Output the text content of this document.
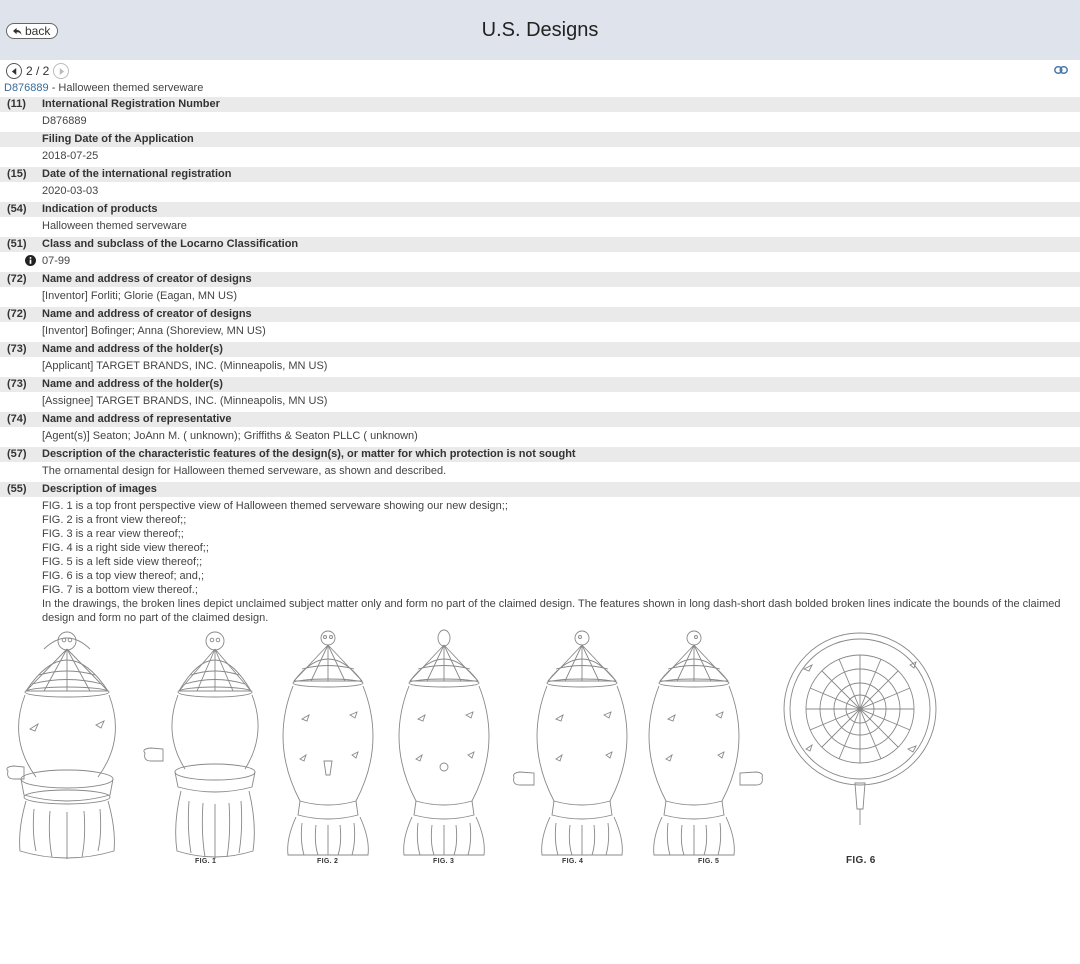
back	U.S. Designs
2 / 2
D876889 - Halloween themed serveware
(11)	International Registration Number
D876889
Filing Date of the Application
2018-07-25
(15)	Date of the international registration
2020-03-03
(54)	Indication of products
Halloween themed serveware
(51)	Class and subclass of the Locarno Classification
07-99
(72)	Name and address of creator of designs
[Inventor] Forliti; Glorie (Eagan, MN US)
(72)	Name and address of creator of designs
[Inventor] Bofinger; Anna (Shoreview, MN US)
(73)	Name and address of the holder(s)
[Applicant] TARGET BRANDS, INC. (Minneapolis, MN US)
(73)	Name and address of the holder(s)
[Assignee] TARGET BRANDS, INC. (Minneapolis, MN US)
(74)	Name and address of representative
[Agent(s)] Seaton; JoAnn M. ( unknown); Griffiths & Seaton PLLC ( unknown)
(57)	Description of the characteristic features of the design(s), or matter for which protection is not sought
The ornamental design for Halloween themed serveware, as shown and described.
(55)	Description of images
FIG. 1 is a top front perspective view of Halloween themed serveware showing our new design;;
FIG. 2 is a front view thereof;;
FIG. 3 is a rear view thereof;;
FIG. 4 is a right side view thereof;;
FIG. 5 is a left side view thereof;;
FIG. 6 is a top view thereof; and,;
FIG. 7 is a bottom view thereof.;
In the drawings, the broken lines depict unclaimed subject matter only and form no part of the claimed design. The features shown in long dash-short dash bolded broken lines indicate the bounds of the claimed design and form no part of the claimed design.
FIG. 1	FIG. 2	FIG. 3	FIG. 4	FIG. 5	FIG. 6
